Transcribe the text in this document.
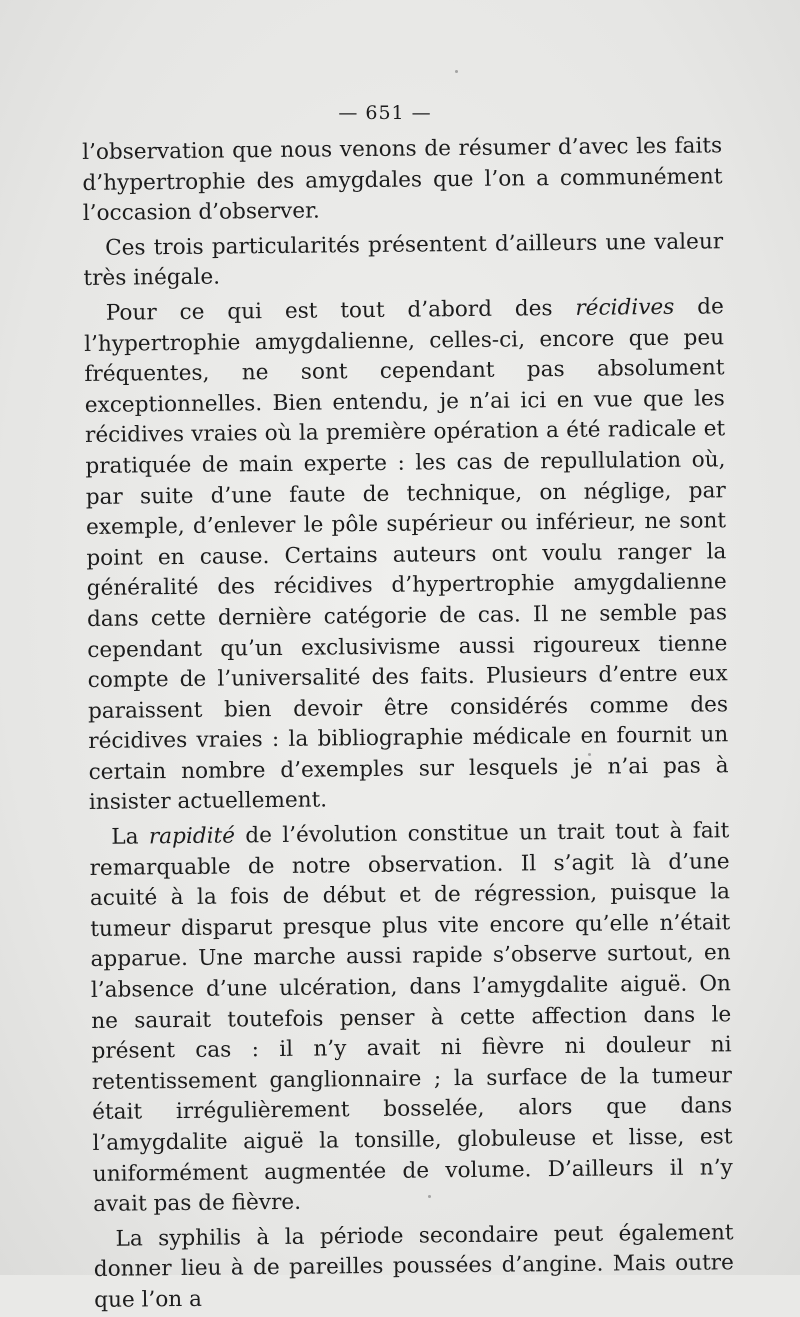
— 651 —

l’observation que nous venons de résumer d’avec les faits d’hypertrophie des amygdales que l’on a communément l’occasion d’observer.

Ces trois particularités présentent d’ailleurs une valeur très inégale.

Pour ce qui est tout d’abord des récidives de l’hypertrophie amygdalienne, celles-ci, encore que peu fréquentes, ne sont cependant pas absolument exceptionnelles. Bien entendu, je n’ai ici en vue que les récidives vraies où la première opération a été radicale et pratiquée de main experte : les cas de repullulation où, par suite d’une faute de technique, on néglige, par exemple, d’enlever le pôle supérieur ou inférieur, ne sont point en cause. Certains auteurs ont voulu ranger la généralité des récidives d’hypertrophie amygdalienne dans cette dernière catégorie de cas. Il ne semble pas cependant qu’un exclusivisme aussi rigoureux tienne compte de l’universalité des faits. Plusieurs d’entre eux paraissent bien devoir être considérés comme des récidives vraies : la bibliographie médicale en fournit un certain nombre d’exemples sur lesquels je n’ai pas à insister actuellement.

La rapidité de l’évolution constitue un trait tout à fait remarquable de notre observation. Il s’agit là d’une acuité à la fois de début et de régression, puisque la tumeur disparut presque plus vite encore qu’elle n’était apparue. Une marche aussi rapide s’observe surtout, en l’absence d’une ulcération, dans l’amygdalite aiguë. On ne saurait toutefois penser à cette affection dans le présent cas : il n’y avait ni fièvre ni douleur ni retentissement ganglionnaire ; la surface de la tumeur était irrégulièrement bosselée, alors que dans l’amygdalite aiguë la tonsille, globuleuse et lisse, est uniformément augmentée de volume. D’ailleurs il n’y avait pas de fièvre.

La syphilis à la période secondaire peut également donner lieu à de pareilles poussées d’angine. Mais outre que l’on a
